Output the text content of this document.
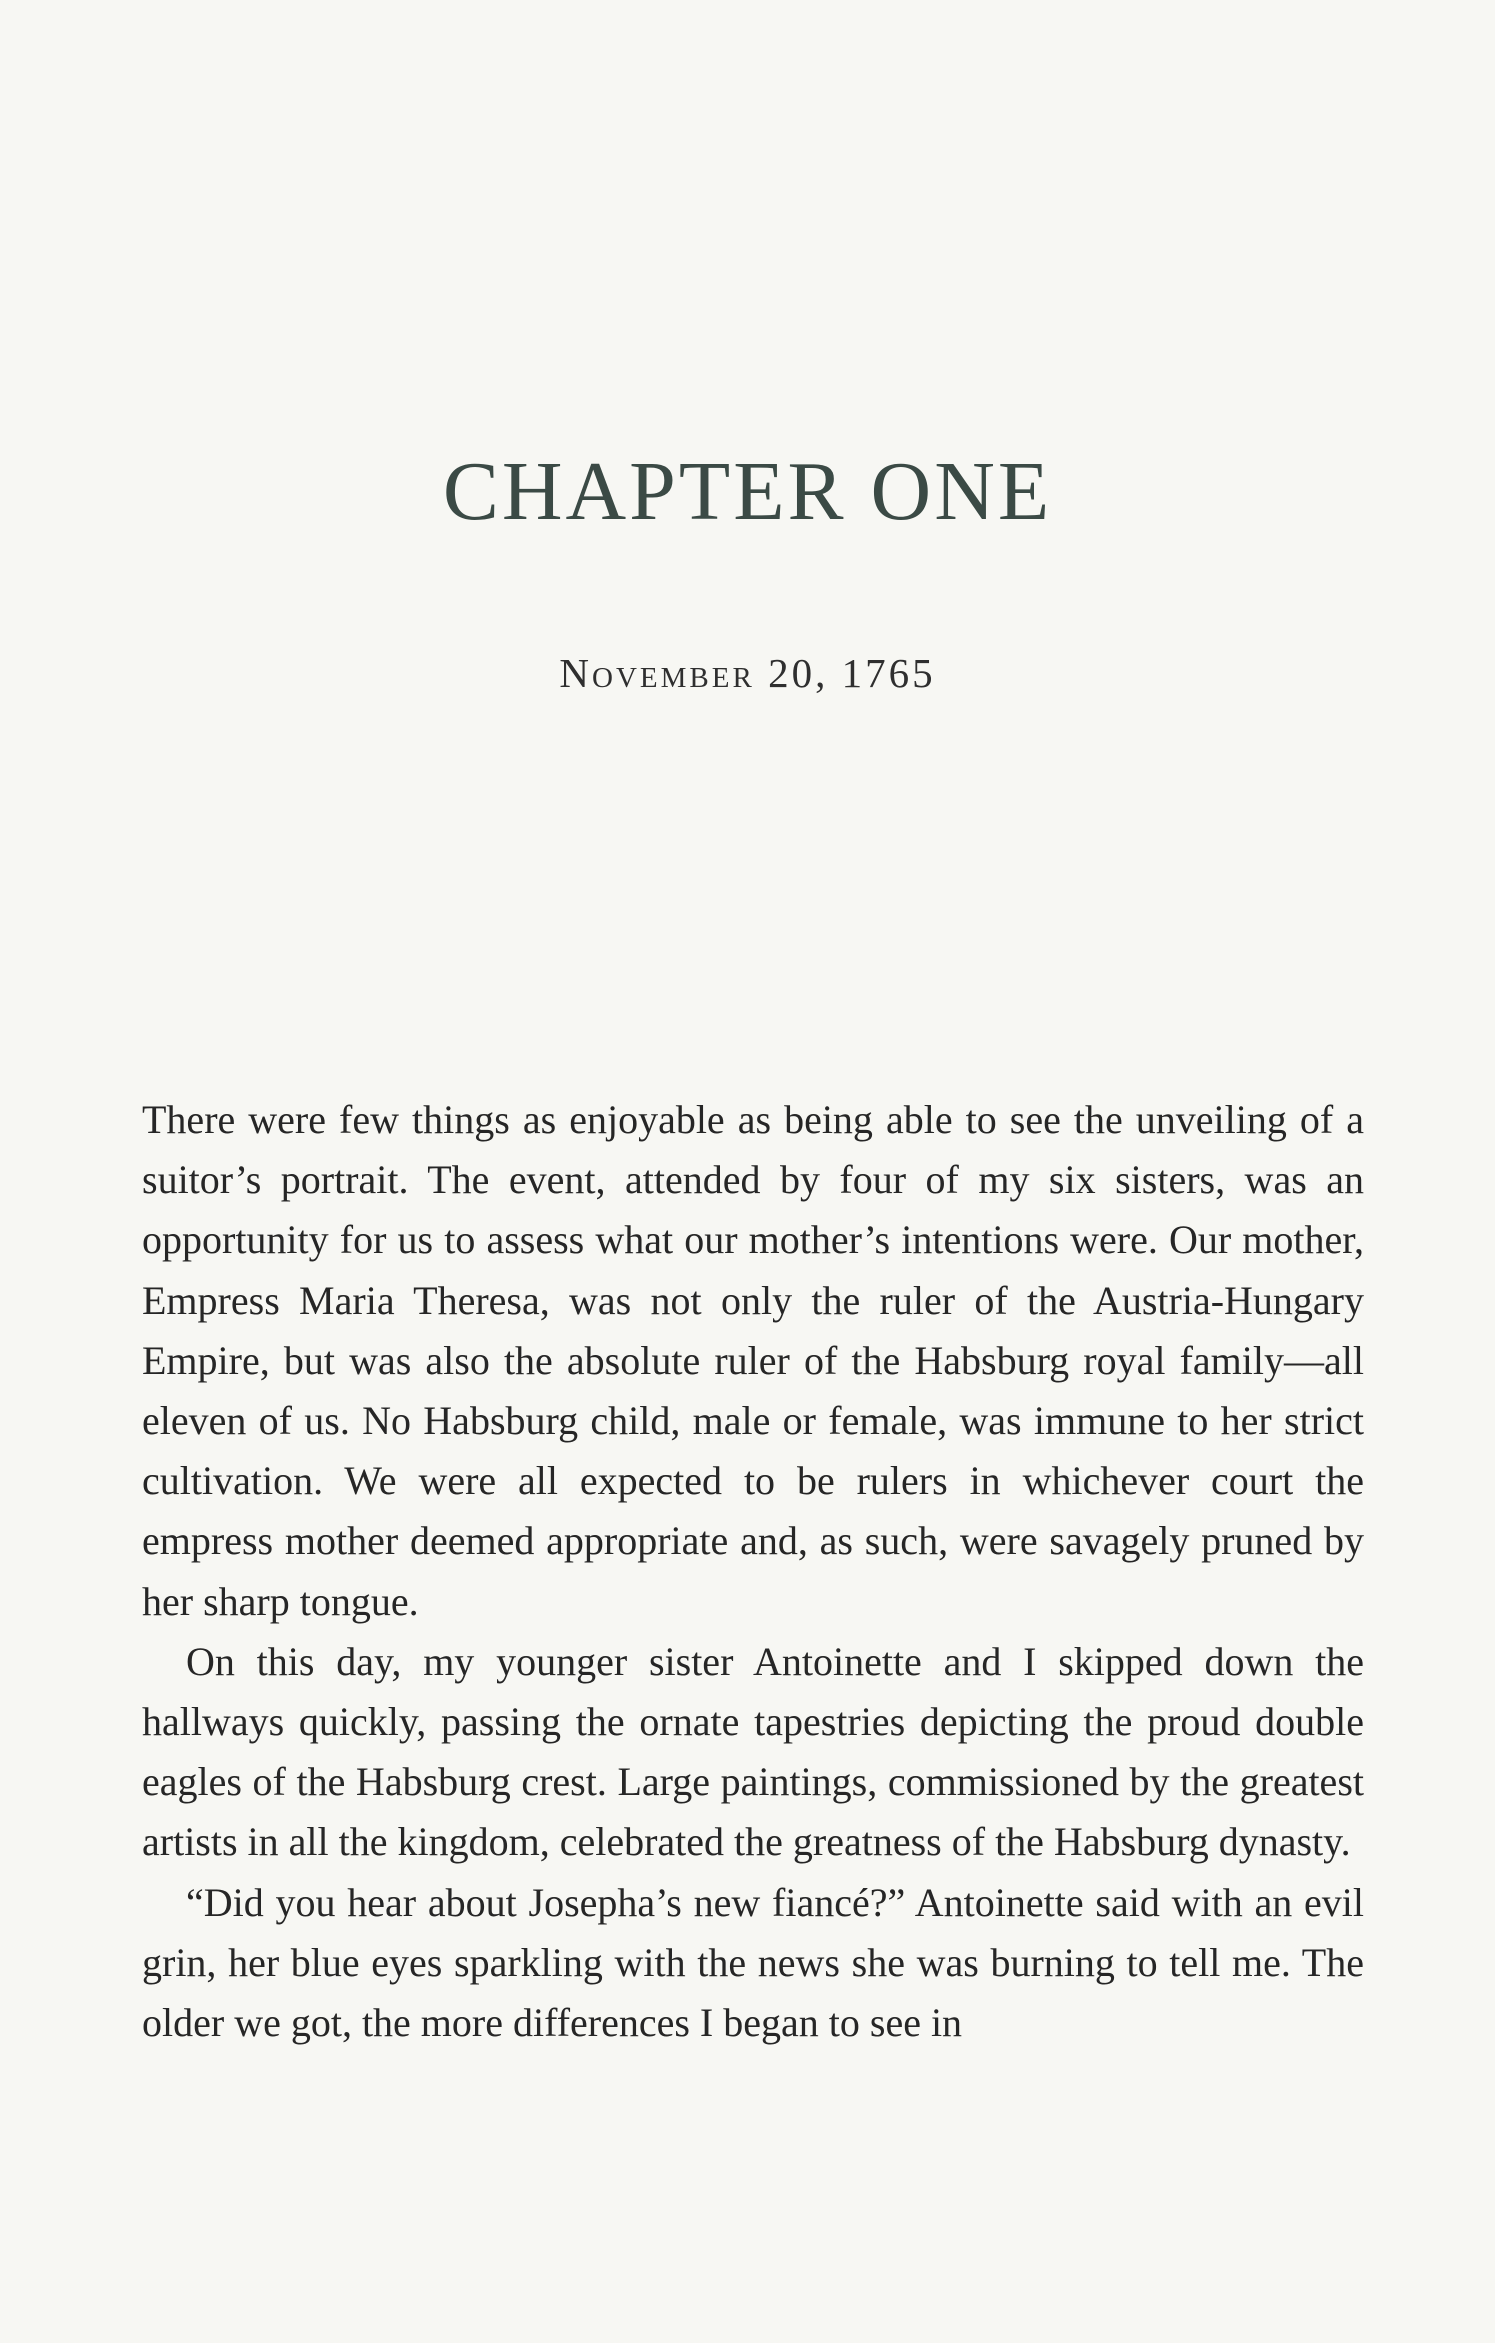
CHAPTER ONE
November 20, 1765

There were few things as enjoyable as being able to see the unveiling of a suitor’s portrait. The event, attended by four of my six sisters, was an opportunity for us to assess what our mother’s intentions were. Our mother, Empress Maria Theresa, was not only the ruler of the Austria-Hungary Empire, but was also the absolute ruler of the Habsburg royal family—all eleven of us. No Habsburg child, male or female, was immune to her strict cultivation. We were all expected to be rulers in whichever court the empress mother deemed appropriate and, as such, were savagely pruned by her sharp tongue.

On this day, my younger sister Antoinette and I skipped down the hallways quickly, passing the ornate tapestries depicting the proud double eagles of the Habsburg crest. Large paintings, commissioned by the greatest artists in all the kingdom, celebrated the greatness of the Habsburg dynasty.

“Did you hear about Josepha’s new fiancé?” Antoinette said with an evil grin, her blue eyes sparkling with the news she was burning to tell me. The older we got, the more differences I began to see in
